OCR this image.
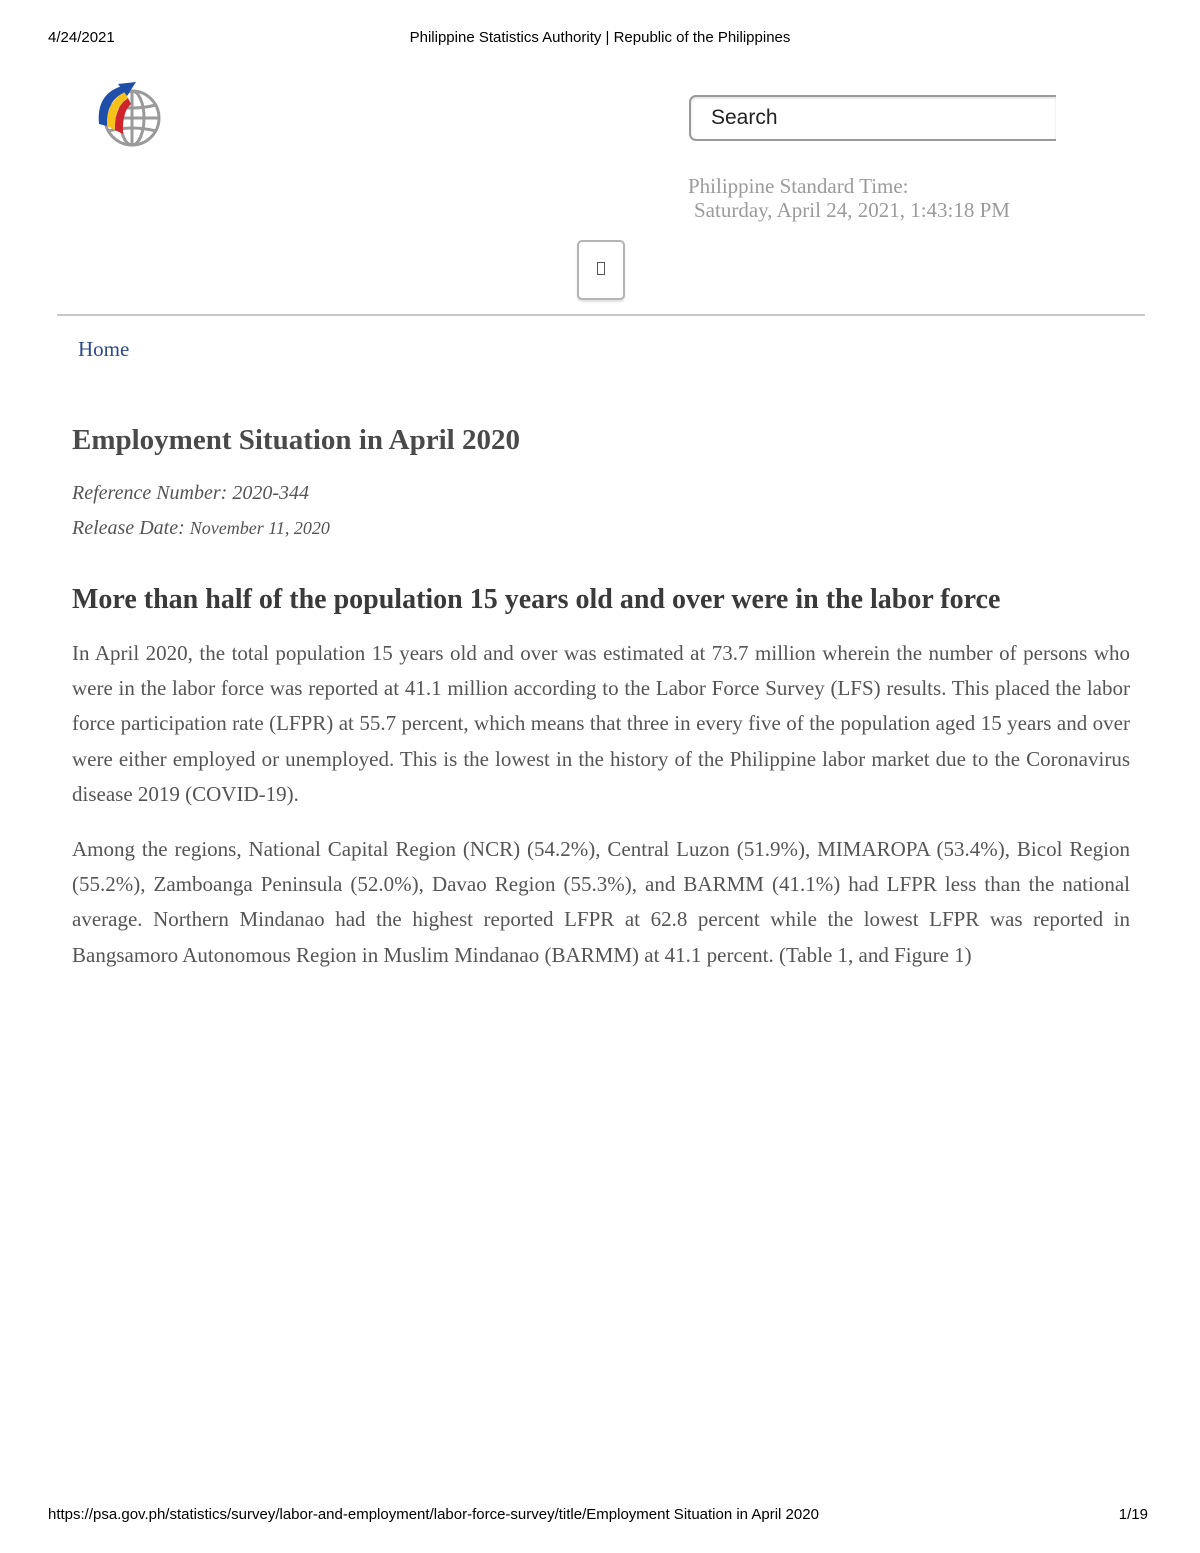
4/24/2021	Philippine Statistics Authority | Republic of the Philippines
Search
Philippine Standard Time:
Saturday, April 24, 2021, 1:43:18 PM
Home
Employment Situation in April 2020
Reference Number: 2020-344
Release Date: November 11, 2020
More than half of the population 15 years old and over were in the labor force

In April 2020, the total population 15 years old and over was estimated at 73.7 million wherein the number of persons who were in the labor force was reported at 41.1 million according to the Labor Force Survey (LFS) results. This placed the labor force participation rate (LFPR) at 55.7 percent, which means that three in every five of the population aged 15 years and over were either employed or unemployed. This is the lowest in the history of the Philippine labor market due to the Coronavirus disease 2019 (COVID-19).

Among the regions, National Capital Region (NCR) (54.2%), Central Luzon (51.9%), MIMAROPA (53.4%), Bicol Region (55.2%), Zamboanga Peninsula (52.0%), Davao Region (55.3%), and BARMM (41.1%) had LFPR less than the national average. Northern Mindanao had the highest reported LFPR at 62.8 percent while the lowest LFPR was reported in Bangsamoro Autonomous Region in Muslim Mindanao (BARMM) at 41.1 percent. (Table 1, and Figure 1)

https://psa.gov.ph/statistics/survey/labor-and-employment/labor-force-survey/title/Employment Situation in April 2020	1/19
